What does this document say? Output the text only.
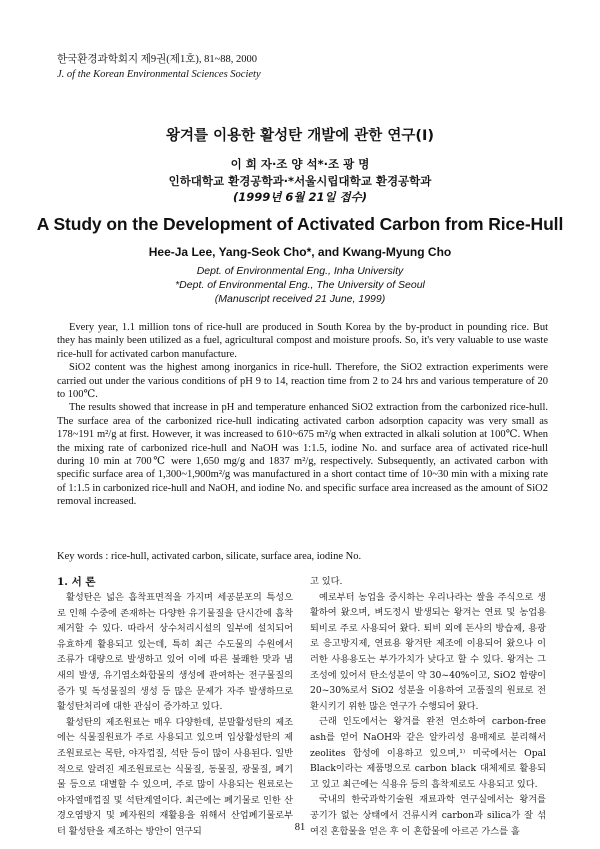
한국환경과학회지 제9권(제1호), 81~88, 2000
J. of the Korean Environmental Sciences Society
왕겨를 이용한 활성탄 개발에 관한 연구(Ⅰ)
이 희 자·조 양 석*·조 광 명
인하대학교 환경공학과·*서울시립대학교 환경공학과
(1999년 6월 21일 접수)
A Study on the Development of Activated Carbon from Rice-Hull
Hee-Ja Lee, Yang-Seok Cho*, and Kwang-Myung Cho
Dept. of Environmental Eng., Inha University
*Dept. of Environmental Eng., The University of Seoul
(Manuscript received 21 June, 1999)

Every year, 1.1 million tons of rice-hull are produced in South Korea by the by-product in pounding rice. But they has mainly been utilized as a fuel, agricultural compost and moisture proofs. So, it's very valuable to use waste rice-hull for activated carbon manufacture.

SiO2 content was the highest among inorganics in rice-hull. Therefore, the SiO2 extraction experiments were carried out under the various conditions of pH 9 to 14, reaction time from 2 to 24 hrs and various temperature of 20 to 100℃.

The results showed that increase in pH and temperature enhanced SiO2 extraction from the carbonized rice-hull. The surface area of the carbonized rice-hull indicating activated carbon adsorption capacity was very small as 178~191 m²/g at first. However, it was increased to 610~675 m²/g when extracted in alkali solution at 100℃. When the mixing rate of carbonized rice-hull and NaOH was 1:1.5, iodine No. and surface area of activated rice-hull during 10 min at 700℃ were 1,650 mg/g and 1837 m²/g, respectively. Subsequently, an activated carbon with specific surface area of 1,300~1,900m²/g was manufactured in a short contact time of 10~30 min with a mixing rate of 1:1.5 in carbonized rice-hull and NaOH, and iodine No. and specific surface area increased as the amount of SiO2 removal increased.

Key words : rice-hull, activated carbon, silicate, surface area, iodine No.
1. 서 론

활성탄은 넓은 흡착표면적을 가지며 세공분포의 특성으로 인해 수중에 존재하는 다양한 유기물질을 단시간에 흡착 제거할 수 있다. 따라서 상수처리시설의 일부에 설치되어 유효하게 활용되고 있는데, 특히 최근 수도물의 수원에서 조류가 대량으로 발생하고 있어 이에 따른 불쾌한 맛과 냄새의 발생, 유기염소화합물의 생성에 관여하는 전구물질의 증가 및 독성물질의 생성 등 많은 문제가 자주 발생하므로 활성탄처리에 대한 관심이 증가하고 있다.

활성탄의 제조원료는 매우 다양한데, 분말활성탄의 제조에는 식물질원료가 주로 사용되고 있으며 입상활성탄의 제조원료로는 목탄, 야자껍질, 석탄 등이 많이 사용된다. 일반적으로 알려진 제조원료로는 식물질, 동물질, 광물질, 폐기물 등으로 대별할 수 있으며, 주로 많이 사용되는 원료로는 야자열매껍질 및 석탄계열이다. 최근에는 폐기물로 인한 산경오염방지 및 폐자원의 재활용을 위해서 산업폐기물로부터 활성탄을 제조하는 방안이 연구되

고 있다.

예로부터 농업을 중시하는 우리나라는 쌀을 주식으로 생활하여 왔으며, 벼도정시 발생되는 왕겨는 연료 및 농업용 퇴비로 주로 사용되어 왔다. 퇴비 외에 돈사의 방습제, 용광로 응고방지제, 연료용 왕겨탄 제조에 이용되어 왔으나 이러한 사용용도는 부가가치가 낮다고 할 수 있다. 왕겨는 그 조성에 있어서 탄소성분이 약 30~40%이고, SiO2 함량이 20~30%로서 SiO2 성분을 이용하여 고품질의 원료로 전환시키기 위한 많은 연구가 수행되어 왔다.

근래 인도에서는 왕겨를 완전 연소하여 carbon-free ash를 얻어 NaOH와 같은 알카리성 용매제로 분리해서 zeolites 합성에 이용하고 있으며,¹⁾ 미국에서는 Opal Black이라는 제품명으로 carbon black 대체제로 활용되고 있고 최근에는 식용유 등의 흡착제로도 사용되고 있다.

국내의 한국과학기술원 재료과학 연구실에서는 왕겨를 공기가 없는 상태에서 건류시켜 carbon과 silica가 잘 섞여진 혼합물을 얻은 후 이 혼합물에 아르곤 가스를 흘

81
